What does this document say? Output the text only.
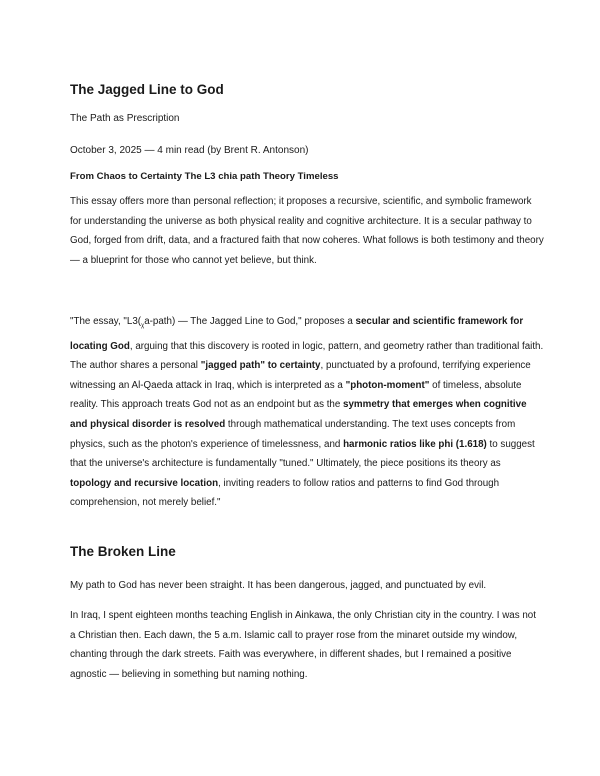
The Jagged Line to God

The Path as Prescription

October 3, 2025 — 4 min read (by Brent R. Antonson)

From Chaos to Certainty The L3 chia path Theory Timeless

This essay offers more than personal reflection; it proposes a recursive, scientific, and symbolic framework for understanding the universe as both physical reality and cognitive architecture. It is a secular pathway to God, forged from drift, data, and a fractured faith that now coheres. What follows is both testimony and theory — a blueprint for those who cannot yet believe, but think.

"The essay, "$L3(_\chi a-path)$ — The Jagged Line to God," proposes a secular and scientific framework for locating God, arguing that this discovery is rooted in logic, pattern, and geometry rather than traditional faith. The author shares a personal "jagged path" to certainty, punctuated by a profound, terrifying experience witnessing an Al-Qaeda attack in Iraq, which is interpreted as a "photon-moment" of timeless, absolute reality. This approach treats God not as an endpoint but as the symmetry that emerges when cognitive and physical disorder is resolved through mathematical understanding. The text uses concepts from physics, such as the photon's experience of timelessness, and harmonic ratios like phi (1.618) to suggest that the universe's architecture is fundamentally "tuned." Ultimately, the piece positions its theory as topology and recursive location, inviting readers to follow ratios and patterns to find God through comprehension, not merely belief."

The Broken Line

My path to God has never been straight. It has been dangerous, jagged, and punctuated by evil.

In Iraq, I spent eighteen months teaching English in Ainkawa, the only Christian city in the country. I was not a Christian then. Each dawn, the 5 a.m. Islamic call to prayer rose from the minaret outside my window, chanting through the dark streets. Faith was everywhere, in different shades, but I remained a positive agnostic — believing in something but naming nothing.
